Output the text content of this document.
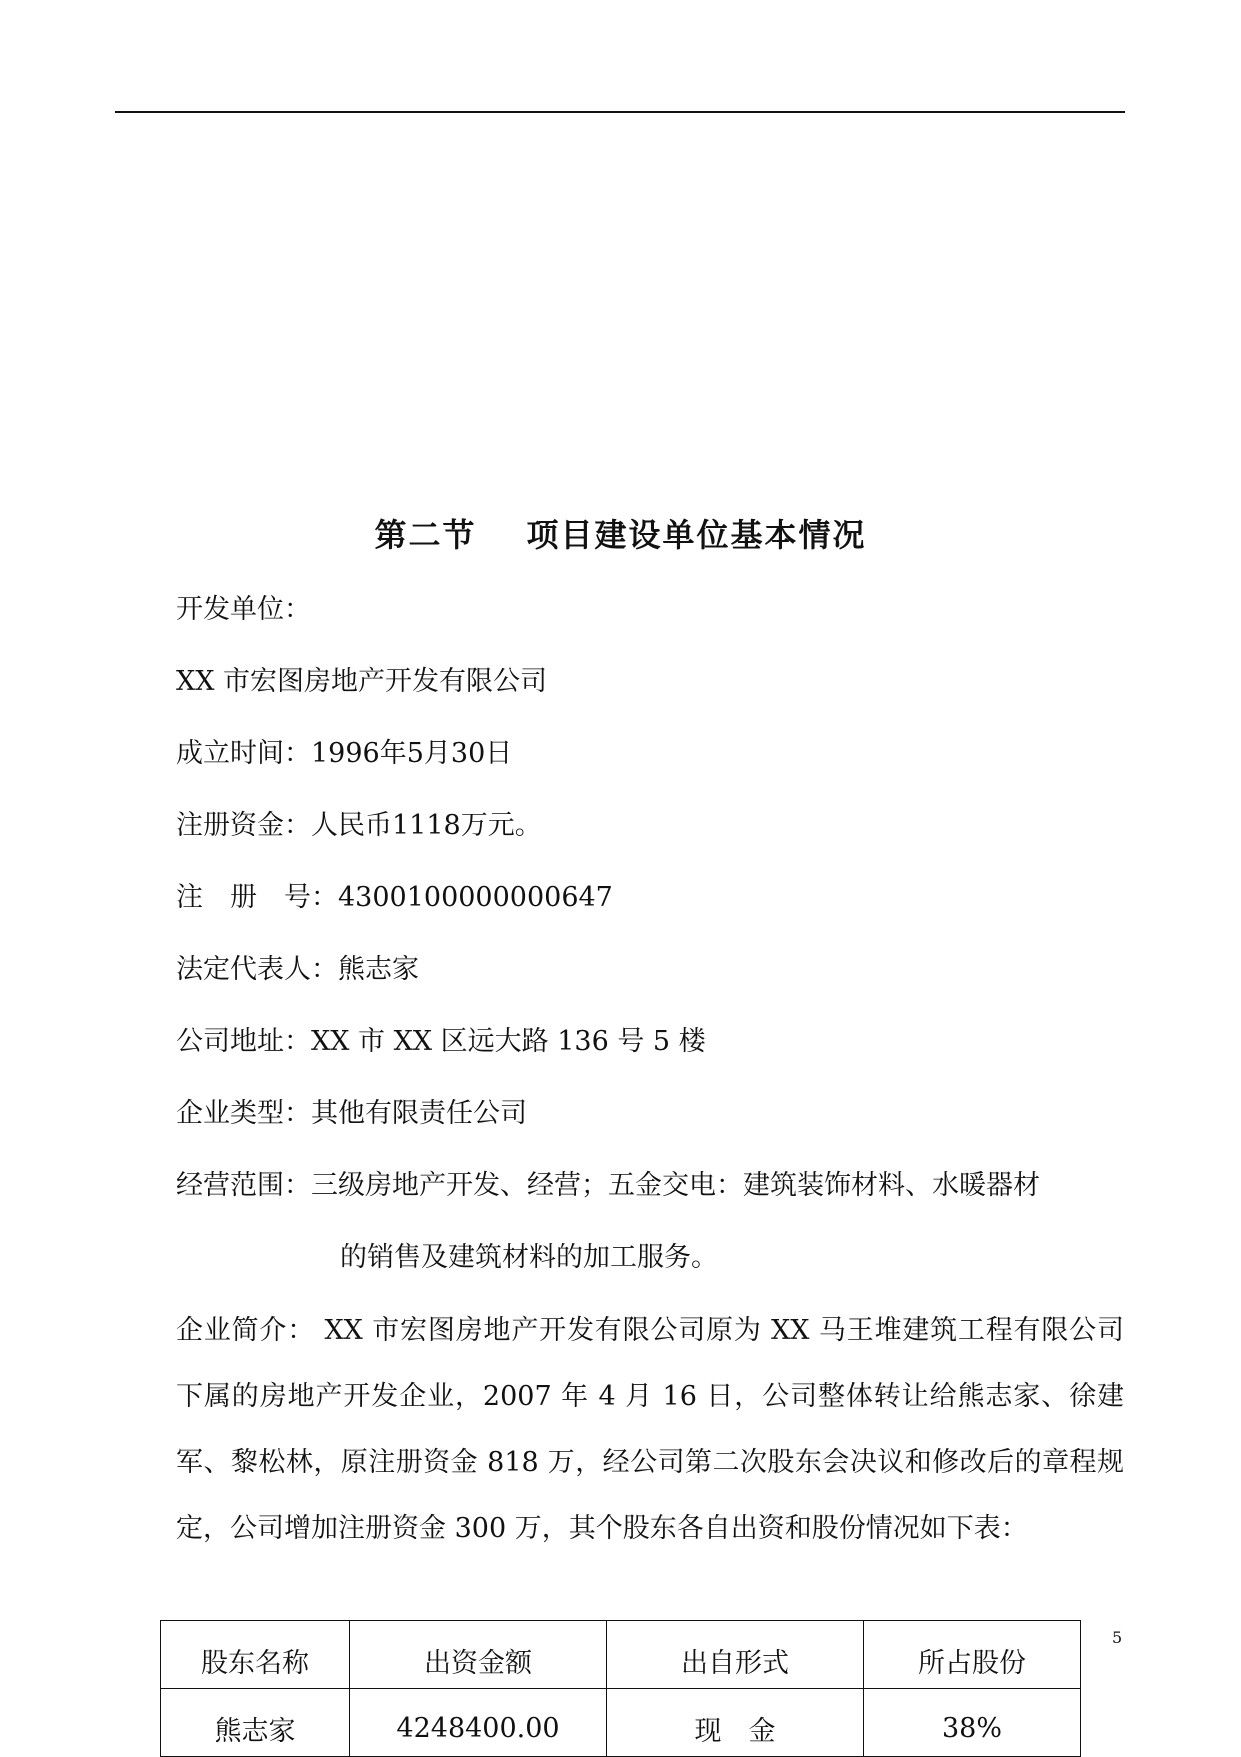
第二节 项目建设单位基本情况
开发单位：
XX 市宏图房地产开发有限公司
成立时间：1996年5月30日
注册资金：人民币1118万元。
注　册　号：4300100000000647
法定代表人：熊志家
公司地址：XX 市 XX 区远大路 136 号 5 楼
企业类型：其他有限责任公司
经营范围：三级房地产开发、经营；五金交电：建筑装饰材料、水暖器材
的销售及建筑材料的加工服务。
企业简介： XX 市宏图房地产开发有限公司原为 XX 马王堆建筑工程有限公司下属的房地产开发企业，2007 年 4 月 16 日，公司整体转让给熊志家、徐建军、黎松林，原注册资金 818 万，经公司第二次股东会决议和修改后的章程规定，公司增加注册资金 300 万，其个股东各自出资和股份情况如下表：
5
股东名称	出资金额	出自形式	所占股份
熊志家	4248400.00	现　金	38%
